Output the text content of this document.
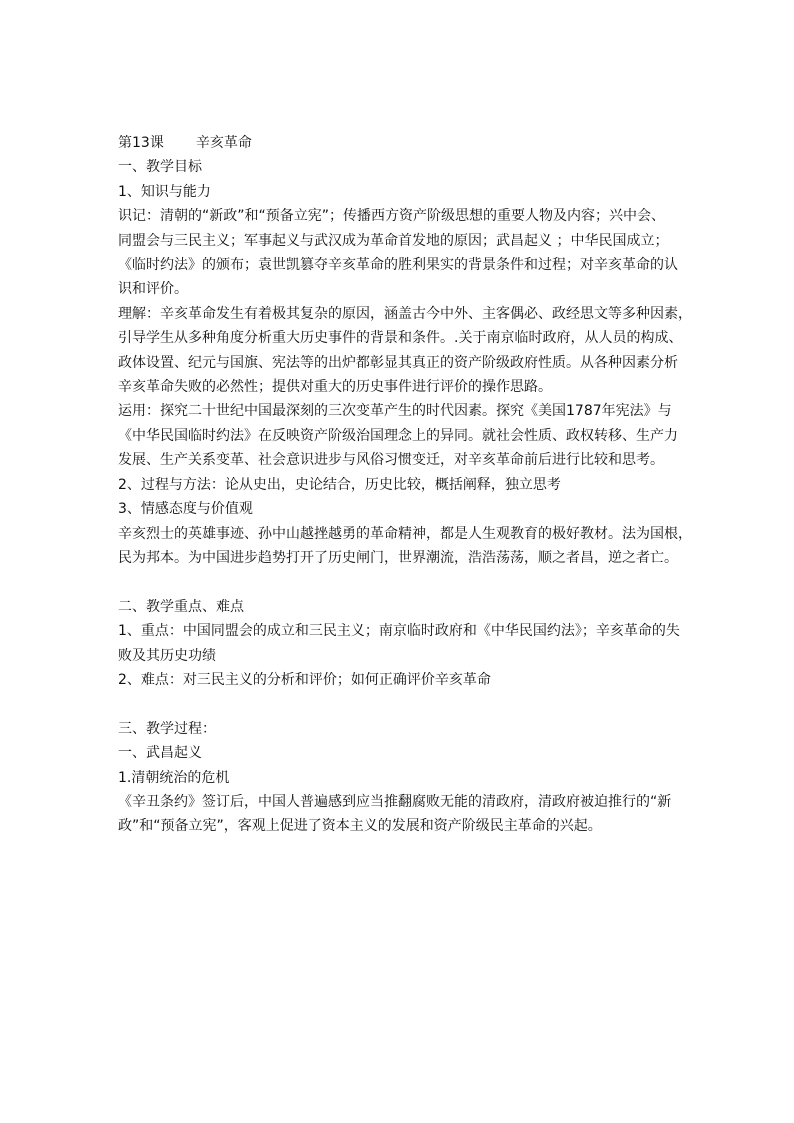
第13课 辛亥革命
一、教学目标
1、知识与能力
识记：清朝的“新政”和“预备立宪”；传播西方资产阶级思想的重要人物及内容；兴中会、
同盟会与三民主义；军事起义与武汉成为革命首发地的原因；武昌起义 ；中华民国成立；
《临时约法》的颁布；袁世凯篡夺辛亥革命的胜利果实的背景条件和过程；对辛亥革命的认
识和评价。
理解：辛亥革命发生有着极其复杂的原因，涵盖古今中外、主客偶必、政经思文等多种因素，
引导学生从多种角度分析重大历史事件的背景和条件。.关于南京临时政府，从人员的构成、
政体设置、纪元与国旗、宪法等的出炉都彰显其真正的资产阶级政府性质。从各种因素分析
辛亥革命失败的必然性；提供对重大的历史事件进行评价的操作思路。
运用：探究二十世纪中国最深刻的三次变革产生的时代因素。探究《美国1787年宪法》与
《中华民国临时约法》在反映资产阶级治国理念上的异同。就社会性质、政权转移、生产力
发展、生产关系变革、社会意识进步与风俗习惯变迁，对辛亥革命前后进行比较和思考。
2、过程与方法：论从史出，史论结合，历史比较，概括阐释，独立思考
3、情感态度与价值观
辛亥烈士的英雄事迹、孙中山越挫越勇的革命精神，都是人生观教育的极好教材。法为国根，
民为邦本。为中国进步趋势打开了历史闸门，世界潮流，浩浩荡荡，顺之者昌，逆之者亡。
二、教学重点、难点
1、重点：中国同盟会的成立和三民主义；南京临时政府和《中华民国约法》；辛亥革命的失
败及其历史功绩
2、难点：对三民主义的分析和评价；如何正确评价辛亥革命
三、教学过程：
一、武昌起义
1.清朝统治的危机
《辛丑条约》签订后，中国人普遍感到应当推翻腐败无能的清政府，清政府被迫推行的“新
政”和“预备立宪”，客观上促进了资本主义的发展和资产阶级民主革命的兴起。
